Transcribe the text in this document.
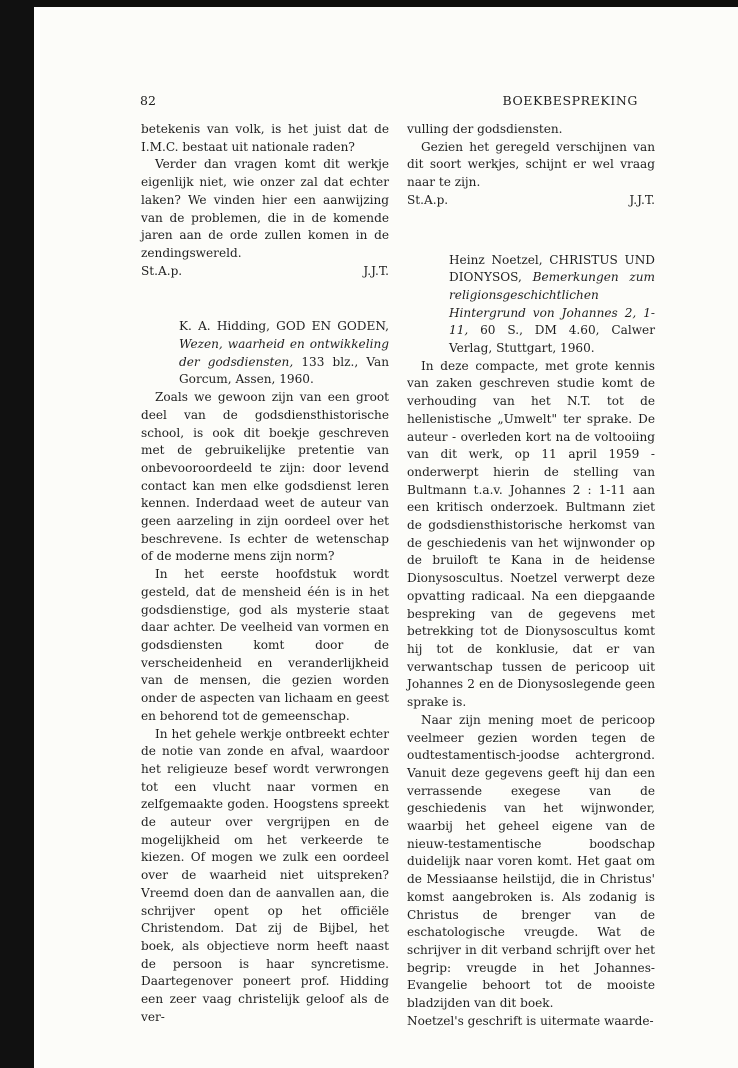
82	BOEKBESPREKING

betekenis van volk, is het juist dat de I.M.C. bestaat uit nationale raden?

Verder dan vragen komt dit werkje eigenlijk niet, wie onzer zal dat echter laken? We vinden hier een aanwijzing van de problemen, die in de komende jaren aan de orde zullen komen in de zendingswereld.

St.A.p.	J.J.T.

K. A. Hidding, GOD EN GODEN, Wezen, waarheid en ontwikkeling der godsdiensten, 133 blz., Van Gorcum, Assen, 1960.

Zoals we gewoon zijn van een groot deel van de godsdiensthistorische school, is ook dit boekje geschreven met de gebruikelijke pretentie van onbevooroordeeld te zijn: door levend contact kan men elke godsdienst leren kennen. Inderdaad weet de auteur van geen aarzeling in zijn oordeel over het beschrevene. Is echter de wetenschap of de moderne mens zijn norm?

In het eerste hoofdstuk wordt gesteld, dat de mensheid één is in het godsdienstige, god als mysterie staat daar achter. De veelheid van vormen en godsdiensten komt door de verscheidenheid en veranderlijkheid van de mensen, die gezien worden onder de aspecten van lichaam en geest en behorend tot de gemeenschap.

In het gehele werkje ontbreekt echter de notie van zonde en afval, waardoor het religieuze besef wordt verwrongen tot een vlucht naar vormen en zelfgemaakte goden. Hoogstens spreekt de auteur over vergrijpen en de mogelijkheid om het verkeerde te kiezen. Of mogen we zulk een oordeel over de waarheid niet uitspreken? Vreemd doen dan de aanvallen aan, die schrijver opent op het officiële Christendom. Dat zij de Bijbel, het boek, als objectieve norm heeft naast de persoon is haar syncretisme. Daartegenover poneert prof. Hidding een zeer vaag christelijk geloof als de ver-

vulling der godsdiensten.

Gezien het geregeld verschijnen van dit soort werkjes, schijnt er wel vraag naar te zijn.

St.A.p.	J.J.T.

Heinz Noetzel, CHRISTUS UND DIONYSOS, Bemerkungen zum religionsgeschichtlichen Hintergrund von Johannes 2, 1-11, 60 S., DM 4.60, Calwer Verlag, Stuttgart, 1960.

In deze compacte, met grote kennis van zaken geschreven studie komt de verhouding van het N.T. tot de hellenistische „Umwelt" ter sprake. De auteur - overleden kort na de voltooiing van dit werk, op 11 april 1959 - onderwerpt hierin de stelling van Bultmann t.a.v. Johannes 2 : 1-11 aan een kritisch onderzoek. Bultmann ziet de godsdiensthistorische herkomst van de geschiedenis van het wijnwonder op de bruiloft te Kana in de heidense Dionysoscultus. Noetzel verwerpt deze opvatting radicaal. Na een diepgaande bespreking van de gegevens met betrekking tot de Dionysoscultus komt hij tot de konklusie, dat er van verwantschap tussen de pericoop uit Johannes 2 en de Dionysoslegende geen sprake is.

Naar zijn mening moet de pericoop veelmeer gezien worden tegen de oudtestamentisch-joodse achtergrond. Vanuit deze gegevens geeft hij dan een verrassende exegese van de geschiedenis van het wijnwonder, waarbij het geheel eigene van de nieuw-testamentische boodschap duidelijk naar voren komt. Het gaat om de Messiaanse heilstijd, die in Christus' komst aangebroken is. Als zodanig is Christus de brenger van de eschatologische vreugde. Wat de schrijver in dit verband schrijft over het begrip: vreugde in het Johannes-Evangelie behoort tot de mooiste bladzijden van dit boek.

Noetzel's geschrift is uitermate waarde-
